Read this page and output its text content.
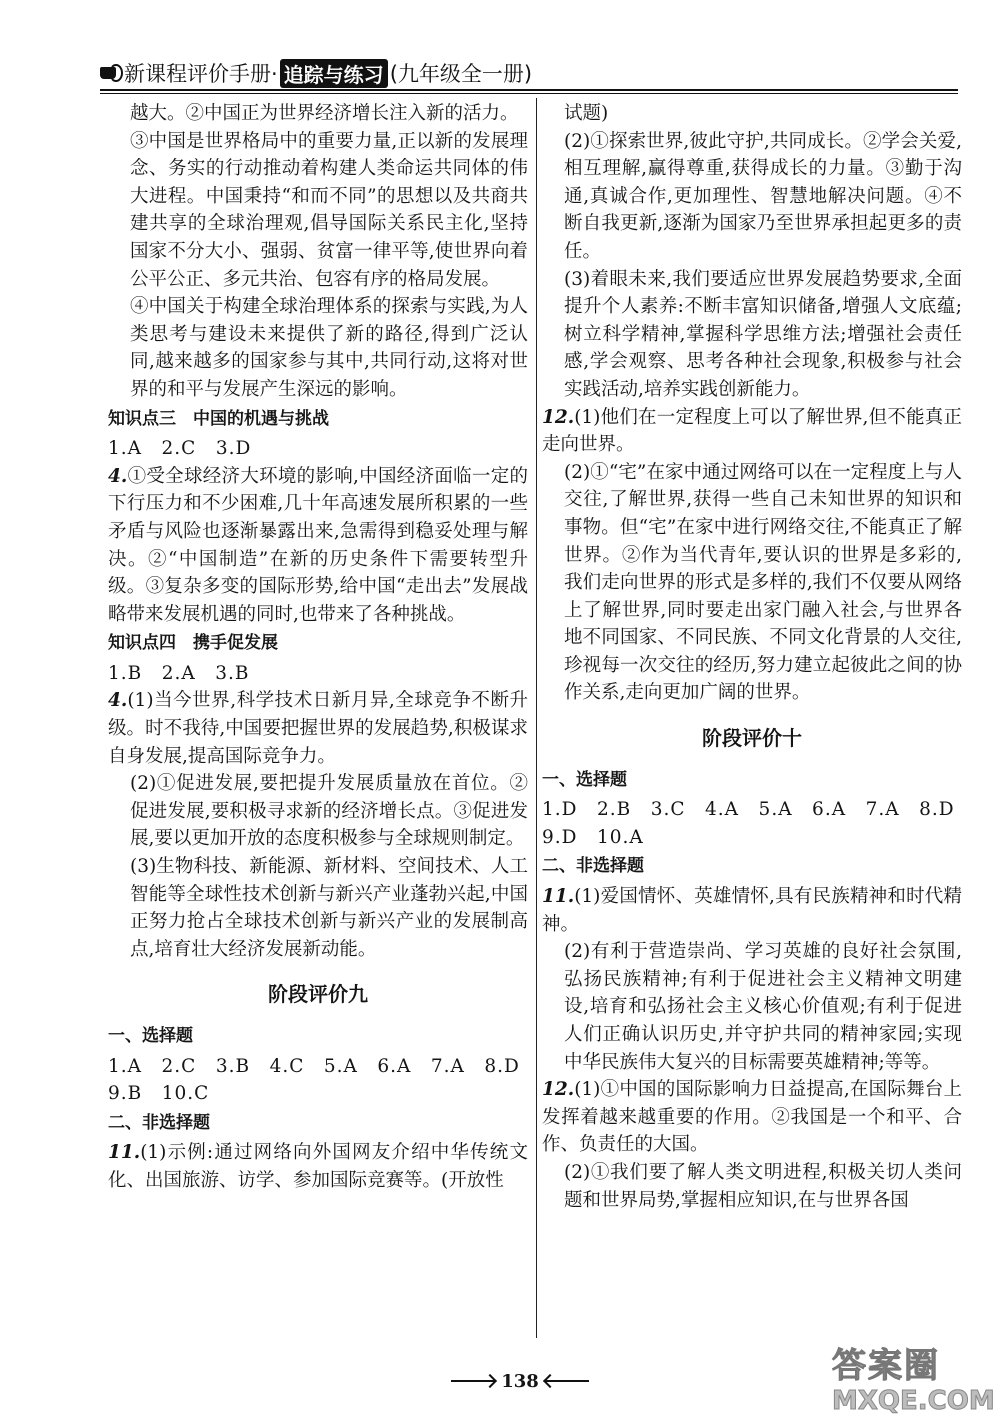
新课程评价手册· 追踪与练习 (九年级全一册)

越大。②中国正为世界经济增长注入新的活力。

③中国是世界格局中的重要力量,正以新的发展理念、务实的行动推动着构建人类命运共同体的伟大进程。中国秉持“和而不同”的思想以及共商共建共享的全球治理观,倡导国际关系民主化,坚持国家不分大小、强弱、贫富一律平等,使世界向着公平公正、多元共治、包容有序的格局发展。

④中国关于构建全球治理体系的探索与实践,为人类思考与建设未来提供了新的路径,得到广泛认同,越来越多的国家参与其中,共同行动,这将对世界的和平与发展产生深远的影响。

知识点三　中国的机遇与挑战

1.A　2.C　3.D

4.①受全球经济大环境的影响,中国经济面临一定的下行压力和不少困难,几十年高速发展所积累的一些矛盾与风险也逐渐暴露出来,急需得到稳妥处理与解决。②“中国制造”在新的历史条件下需要转型升级。③复杂多变的国际形势,给中国“走出去”发展战略带来发展机遇的同时,也带来了各种挑战。

知识点四　携手促发展

1.B　2.A　3.B

4.(1)当今世界,科学技术日新月异,全球竞争不断升级。时不我待,中国要把握世界的发展趋势,积极谋求自身发展,提高国际竞争力。

(2)①促进发展,要把提升发展质量放在首位。②促进发展,要积极寻求新的经济增长点。③促进发展,要以更加开放的态度积极参与全球规则制定。

(3)生物科技、新能源、新材料、空间技术、人工智能等全球性技术创新与新兴产业蓬勃兴起,中国正努力抢占全球技术创新与新兴产业的发展制高点,培育壮大经济发展新动能。

阶段评价九

一、选择题

1.A　2.C　3.B　4.C　5.A　6.A　7.A　8.D

9.B　10.C

二、非选择题

11.(1)示例:通过网络向外国网友介绍中华传统文化、出国旅游、访学、参加国际竞赛等。(开放性

试题)

(2)①探索世界,彼此守护,共同成长。②学会关爱,相互理解,赢得尊重,获得成长的力量。③勤于沟通,真诚合作,更加理性、智慧地解决问题。④不断自我更新,逐渐为国家乃至世界承担起更多的责任。

(3)着眼未来,我们要适应世界发展趋势要求,全面提升个人素养:不断丰富知识储备,增强人文底蕴;树立科学精神,掌握科学思维方法;增强社会责任感,学会观察、思考各种社会现象,积极参与社会实践活动,培养实践创新能力。

12.(1)他们在一定程度上可以了解世界,但不能真正走向世界。

(2)①“宅”在家中通过网络可以在一定程度上与人交往,了解世界,获得一些自己未知世界的知识和事物。但“宅”在家中进行网络交往,不能真正了解世界。②作为当代青年,要认识的世界是多彩的,我们走向世界的形式是多样的,我们不仅要从网络上了解世界,同时要走出家门融入社会,与世界各地不同国家、不同民族、不同文化背景的人交往,珍视每一次交往的经历,努力建立起彼此之间的协作关系,走向更加广阔的世界。

阶段评价十

一、选择题

1.D　2.B　3.C　4.A　5.A　6.A　7.A　8.D

9.D　10.A

二、非选择题

11.(1)爱国情怀、英雄情怀,具有民族精神和时代精神。

(2)有利于营造崇尚、学习英雄的良好社会氛围,弘扬民族精神;有利于促进社会主义精神文明建设,培育和弘扬社会主义核心价值观;有利于促进人们正确认识历史,并守护共同的精神家园;实现中华民族伟大复兴的目标需要英雄精神;等等。

12.(1)①中国的国际影响力日益提高,在国际舞台上发挥着越来越重要的作用。②我国是一个和平、合作、负责任的大国。

(2)①我们要了解人类文明进程,积极关切人类问题和世界局势,掌握相应知识,在与世界各国

138	答案圈
MXQE.COM
